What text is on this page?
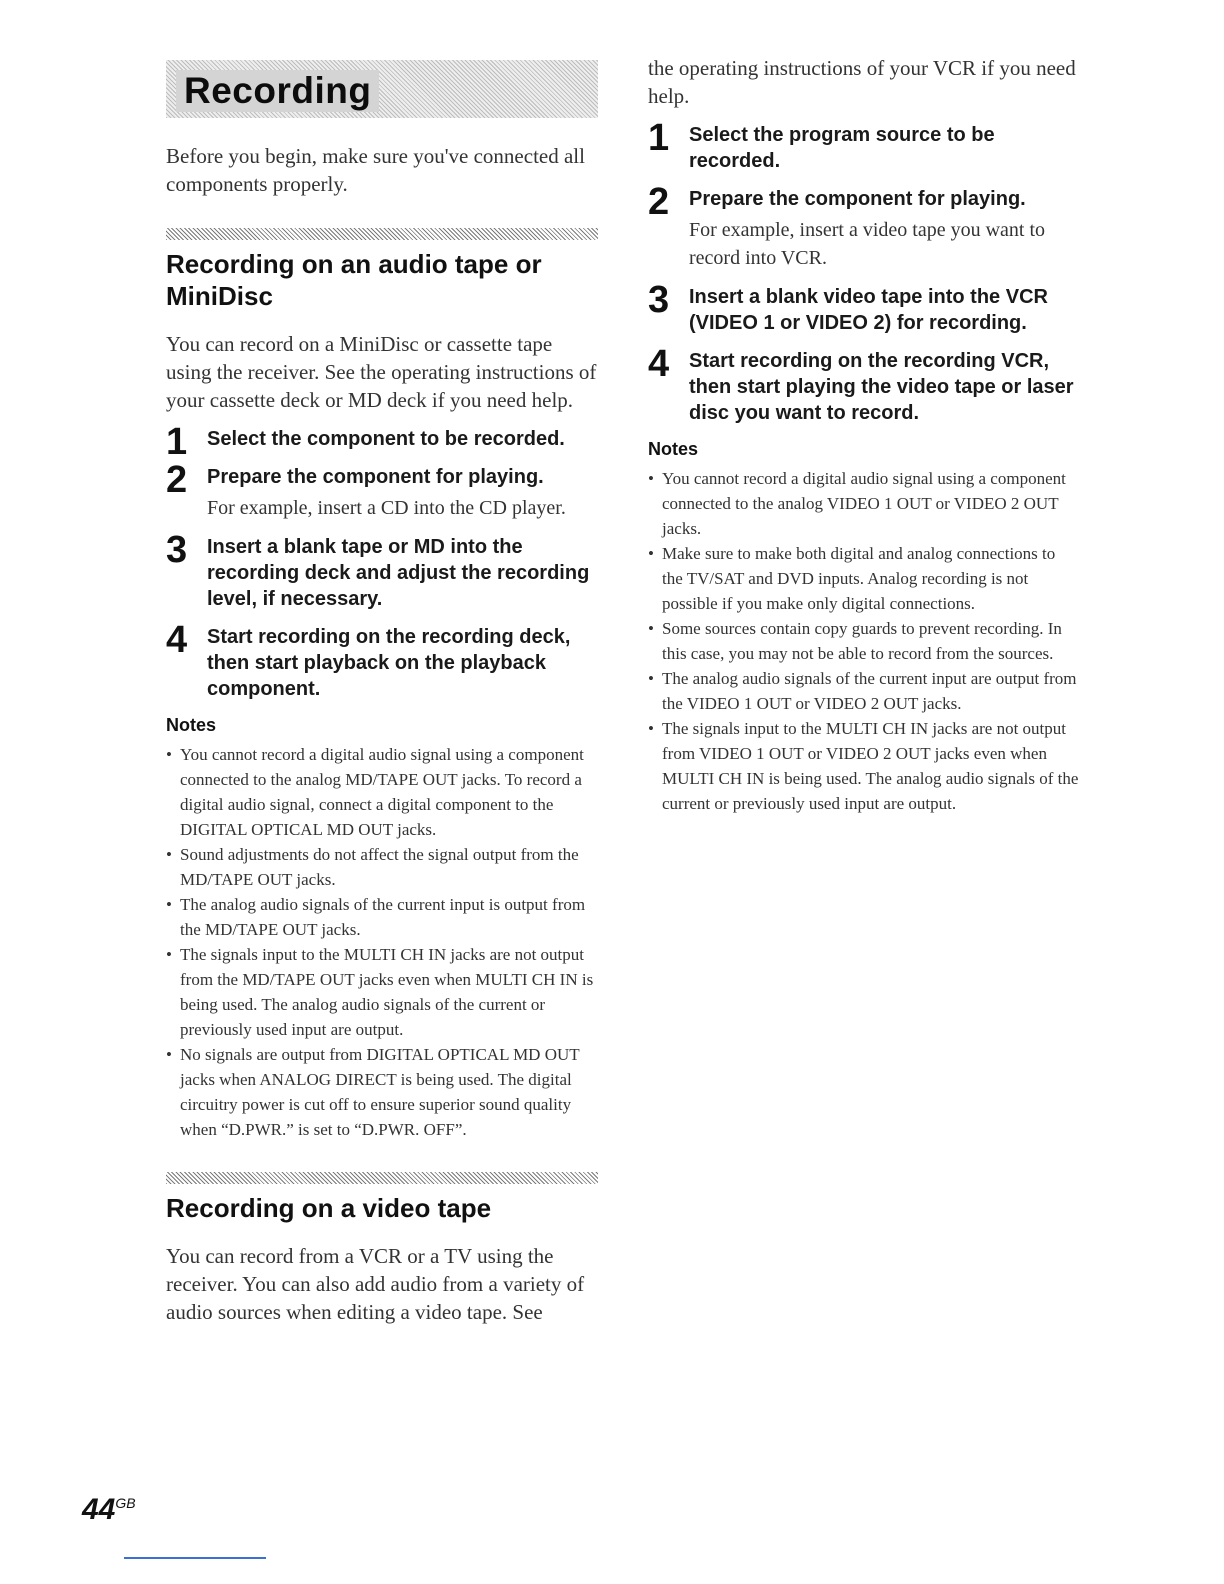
Recording

Before you begin, make sure you've connected all components properly.

Recording on an audio tape or MiniDisc

You can record on a MiniDisc or cassette tape using the receiver. See the operating instructions of your cassette deck or MD deck if you need help.

1 Select the component to be recorded.
2 Prepare the component for playing.
For example, insert a CD into the CD player.
3 Insert a blank tape or MD into the recording deck and adjust the recording level, if necessary.
4 Start recording on the recording deck, then start playback on the playback component.
Notes
• You cannot record a digital audio signal using a component connected to the analog MD/TAPE OUT jacks. To record a digital audio signal, connect a digital component to the DIGITAL OPTICAL MD OUT jacks.
• Sound adjustments do not affect the signal output from the MD/TAPE OUT jacks.
• The analog audio signals of the current input is output from the MD/TAPE OUT jacks.
• The signals input to the MULTI CH IN jacks are not output from the MD/TAPE OUT jacks even when MULTI CH IN is being used. The analog audio signals of the current or previously used input are output.
• No signals are output from DIGITAL OPTICAL MD OUT jacks when ANALOG DIRECT is being used. The digital circuitry power is cut off to ensure superior sound quality when “D.PWR.” is set to “D.PWR. OFF”.
Recording on a video tape

You can record from a VCR or a TV using the receiver. You can also add audio from a variety of audio sources when editing a video tape. See

the operating instructions of your VCR if you need help.

1 Select the program source to be recorded.
2 Prepare the component for playing.
For example, insert a video tape you want to record into VCR.
3 Insert a blank video tape into the VCR (VIDEO 1 or VIDEO 2) for recording.
4 Start recording on the recording VCR, then start playing the video tape or laser disc you want to record.
Notes
• You cannot record a digital audio signal using a component connected to the analog VIDEO 1 OUT or VIDEO 2 OUT jacks.
• Make sure to make both digital and analog connections to the TV/SAT and DVD inputs. Analog recording is not possible if you make only digital connections.
• Some sources contain copy guards to prevent recording. In this case, you may not be able to record from the sources.
• The analog audio signals of the current input are output from the VIDEO 1 OUT or VIDEO 2 OUT jacks.
• The signals input to the MULTI CH IN jacks are not output from VIDEO 1 OUT or VIDEO 2 OUT jacks even when MULTI CH IN is being used. The analog audio signals of the current or previously used input are output.
$44^{GB}$
